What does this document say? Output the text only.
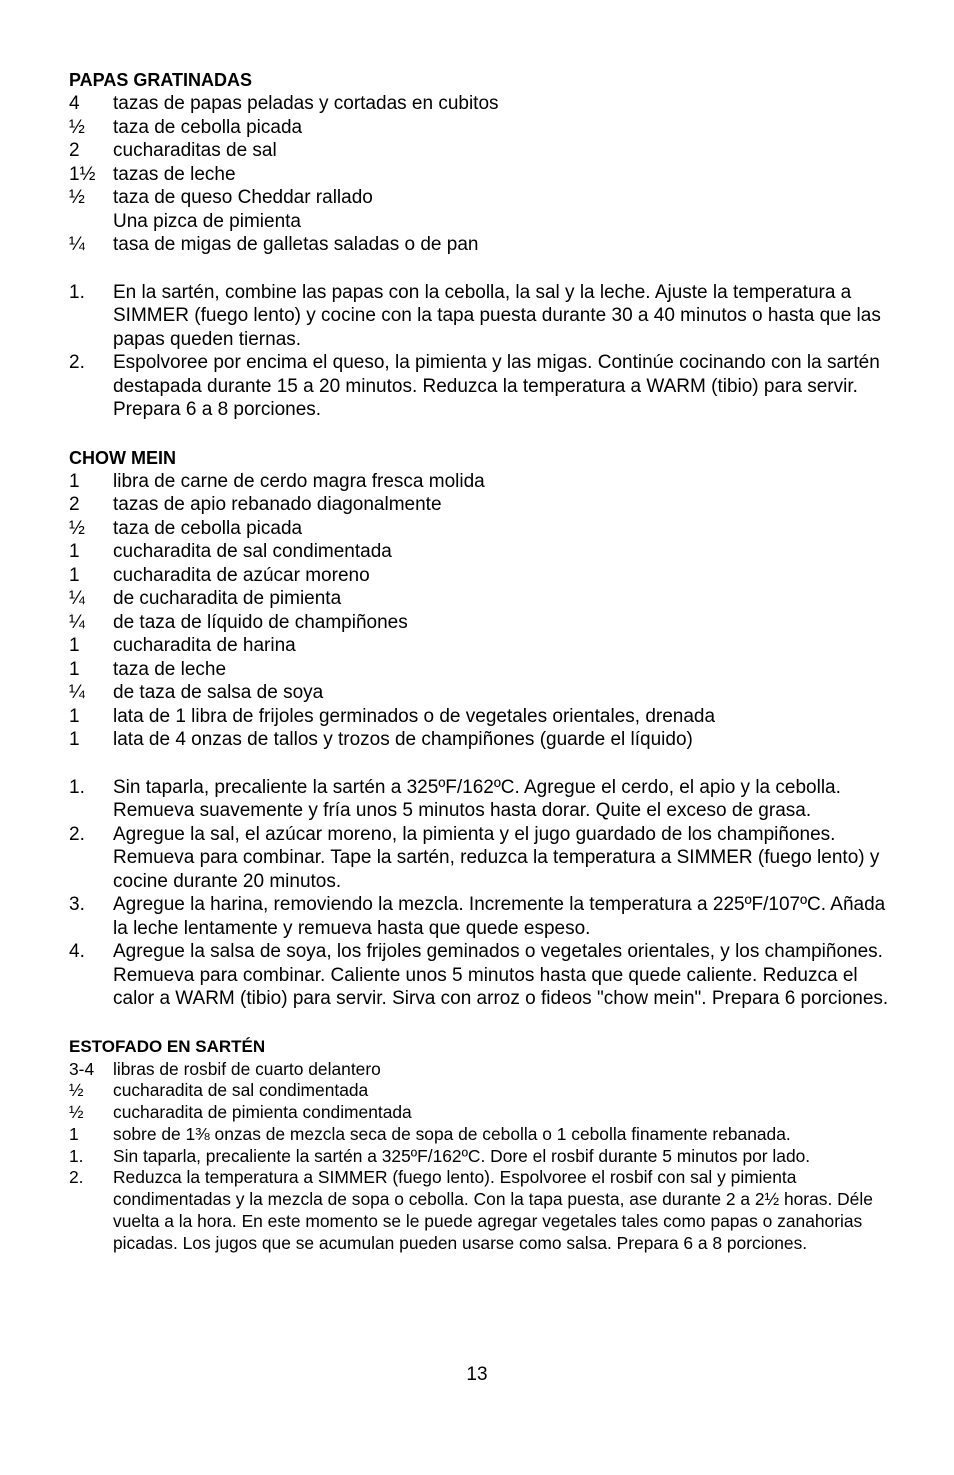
PAPAS GRATINADAS
4	tazas de papas peladas y cortadas en cubitos
½	taza de cebolla picada
2	cucharaditas de sal
1½ tazas de leche
½	taza de queso Cheddar rallado
Una pizca de pimienta
¼	tasa de migas de galletas saladas o de pan
1.	En la sartén, combine las papas con la cebolla, la sal y la leche. Ajuste la temperatura a SIMMER (fuego lento) y cocine con la tapa puesta durante 30 a 40 minutos o hasta que las papas queden tiernas.
2.	Espolvoree por encima el queso, la pimienta y las migas. Continúe cocinando con la sartén destapada durante 15 a 20 minutos. Reduzca la temperatura a WARM (tibio) para servir. Prepara 6 a 8 porciones.
CHOW MEIN
1	libra de carne de cerdo magra fresca molida
2	tazas de apio rebanado diagonalmente
½	taza de cebolla picada
1	cucharadita de sal condimentada
1	cucharadita de azúcar moreno
¼	de cucharadita de pimienta
¼	de taza de líquido de champiñones
1	cucharadita de harina
1	taza de leche
¼	de taza de salsa de soya
1	lata de 1 libra de frijoles germinados o de vegetales orientales, drenada
1	lata de 4 onzas de tallos y trozos de champiñones (guarde el líquido)
1.	Sin taparla, precaliente la sartén a 325ºF/162ºC. Agregue el cerdo, el apio y la cebolla. Remueva suavemente y fría unos 5 minutos hasta dorar. Quite el exceso de grasa.
2.	Agregue la sal, el azúcar moreno, la pimienta y el jugo guardado de los champiñones. Remueva para combinar. Tape la sartén, reduzca la temperatura a SIMMER (fuego lento) y cocine durante 20 minutos.
3.	Agregue la harina, removiendo la mezcla. Incremente la temperatura a 225ºF/107ºC. Añada la leche lentamente y remueva hasta que quede espeso.
4.	Agregue la salsa de soya, los frijoles geminados o vegetales orientales, y los champiñones. Remueva para combinar. Caliente unos 5 minutos hasta que quede caliente. Reduzca el calor a WARM (tibio) para servir. Sirva con arroz o fideos "chow mein". Prepara 6 porciones.
ESTOFADO EN SARTÉN
3-4	libras de rosbif de cuarto delantero
½	cucharadita de sal condimentada
½	cucharadita de pimienta condimentada
1	sobre de 1⅜ onzas de mezcla seca de sopa de cebolla o 1 cebolla finamente rebanada.
1.	Sin taparla, precaliente la sartén a 325ºF/162ºC. Dore el rosbif durante 5 minutos por lado.
2.	Reduzca la temperatura a SIMMER (fuego lento). Espolvoree el rosbif con sal y pimienta condimentadas y la mezcla de sopa o cebolla. Con la tapa puesta, ase durante 2 a 2½ horas. Déle vuelta a la hora. En este momento se le puede agregar vegetales tales como papas o zanahorias picadas. Los jugos que se acumulan pueden usarse como salsa. Prepara 6 a 8 porciones.
13
